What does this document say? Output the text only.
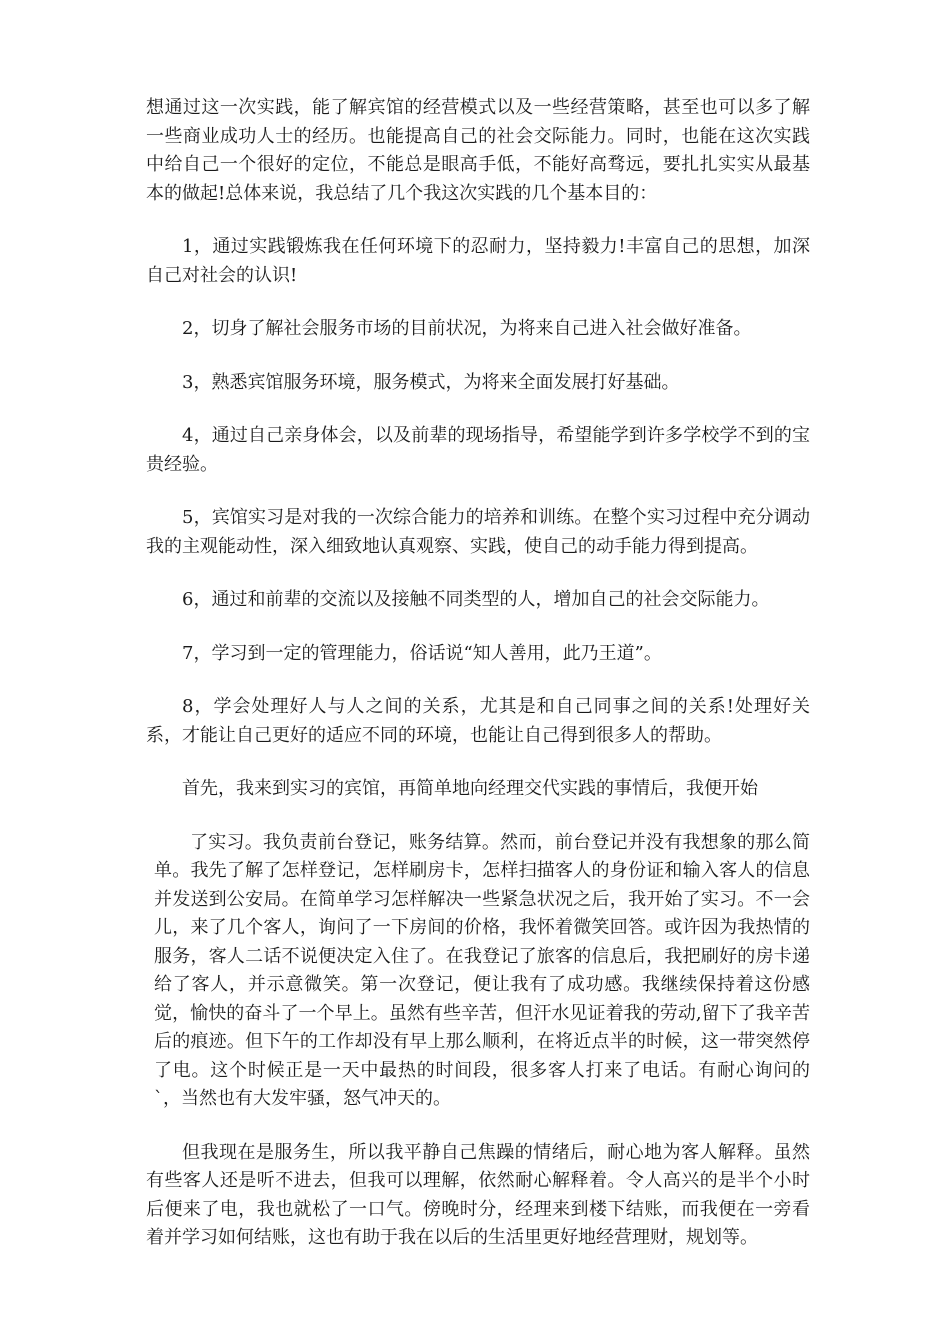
想通过这一次实践，能了解宾馆的经营模式以及一些经营策略，甚至也可以多了解一些商业成功人士的经历。也能提高自己的社会交际能力。同时，也能在这次实践中给自己一个很好的定位，不能总是眼高手低，不能好高骛远，要扎扎实实从最基本的做起!总体来说，我总结了几个我这次实践的几个基本目的：

1，通过实践锻炼我在任何环境下的忍耐力，坚持毅力!丰富自己的思想，加深自己对社会的认识!

2，切身了解社会服务市场的目前状况，为将来自己进入社会做好准备。

3，熟悉宾馆服务环境，服务模式，为将来全面发展打好基础。

4，通过自己亲身体会，以及前辈的现场指导，希望能学到许多学校学不到的宝贵经验。

5，宾馆实习是对我的一次综合能力的培养和训练。在整个实习过程中充分调动我的主观能动性，深入细致地认真观察、实践，使自己的动手能力得到提高。

6，通过和前辈的交流以及接触不同类型的人，增加自己的社会交际能力。

7，学习到一定的管理能力，俗话说“知人善用，此乃王道”。

8，学会处理好人与人之间的关系，尤其是和自己同事之间的关系!处理好关系，才能让自己更好的适应不同的环境，也能让自己得到很多人的帮助。

首先，我来到实习的宾馆，再简单地向经理交代实践的事情后，我便开始

了实习。我负责前台登记，账务结算。然而，前台登记并没有我想象的那么简单。我先了解了怎样登记，怎样刷房卡，怎样扫描客人的身份证和输入客人的信息并发送到公安局。在简单学习怎样解决一些紧急状况之后，我开始了实习。不一会儿，来了几个客人，询问了一下房间的价格，我怀着微笑回答。或许因为我热情的服务，客人二话不说便决定入住了。在我登记了旅客的信息后，我把刷好的房卡递给了客人，并示意微笑。第一次登记，便让我有了成功感。我继续保持着这份感觉，愉快的奋斗了一个早上。虽然有些辛苦，但汗水见证着我的劳动,留下了我辛苦后的痕迹。但下午的工作却没有早上那么顺利，在将近点半的时候，这一带突然停了电。这个时候正是一天中最热的时间段，很多客人打来了电话。有耐心询问的`，当然也有大发牢骚，怒气冲天的。

但我现在是服务生，所以我平静自己焦躁的情绪后，耐心地为客人解释。虽然有些客人还是听不进去，但我可以理解，依然耐心解释着。令人高兴的是半个小时后便来了电，我也就松了一口气。傍晚时分，经理来到楼下结账，而我便在一旁看着并学习如何结账，这也有助于我在以后的生活里更好地经营理财，规划等。
